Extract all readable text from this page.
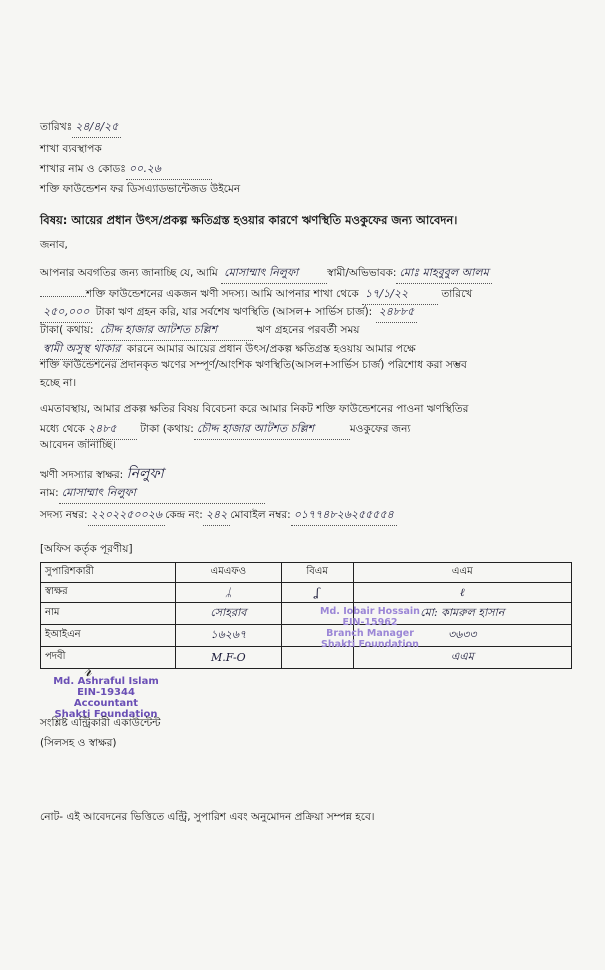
তারিখঃ ২৪/৪/২৫
শাখা ব্যবস্থাপক
শাখার নাম ও কোডঃ ০০.২৬
শক্তি ফাউন্ডেশন ফর ডিসএ্যাডভান্টেজড উইমেন
বিষয়: আয়ের প্রধান উৎস/প্রকল্প ক্ষতিগ্রস্ত হওয়ার কারণে ঋণস্থিতি মওকুফের জন্য আবেদন।
জনাব,
আপনার অবগতির জন্য জানাচ্ছি যে, আমি মোসাম্মাৎ নিলুফা	স্বামী/অভিভাবক: মোঃ মাহবুবুল আলম
শক্তি ফাউন্ডেশনের একজন ঋণী সদস্য। আমি আপনার শাখা থেকে ১৭/১/২২	তারিখে
২৫০,০০০ টাকা ঋণ গ্রহন করি, যার সর্বশেষ ঋণস্থিতি (আসল+ সার্ভিস চার্জ): ২৪৮৮৫
টাকা( কথায়: চৌদ্দ হাজার আটশত চল্লিশ	ঋণ গ্রহনের পরবর্তী সময়
স্বামী অসুস্থ থাকার কারনে আমার আয়ের প্রধান উৎস/প্রকল্প ক্ষতিগ্রস্ত হওয়ায় আমার পক্ষে
শক্তি ফাউন্ডেশনের প্রদানকৃত ঋণের সম্পূর্ণ/আংশিক ঋণস্থিতি(আসল+সার্ভিস চার্জ) পরিশোধ করা সম্ভব
হচ্ছে না।
এমতাবস্থায়, আমার প্রকল্প ক্ষতির বিষয় বিবেচনা করে আমার নিকট শক্তি ফাউন্ডেশনের পাওনা ঋণস্থিতির
মধ্যে থেকে ২৪৮৫ টাকা (কথায়: চৌদ্দ হাজার আটশত চল্লিশ	মওকুফের জন্য
আবেদন জানাচ্ছি।
ঋণী সদস্যার স্বাক্ষর: নিলুফা
নাম: মোসাম্মাৎ নিলুফা
সদস্য নম্বর: ২২০২২৫০০২৬ কেন্দ্র নং: ২৪২ মোবাইল নম্বর: ০১৭৭৪৮২৬২৫৫৫৫৪
[অফিস কর্তৃক পূরণীয়]
সুপারিশকারী	এমএফও	বিএম	এএম
স্বাক্ষর	ᛦ	ʆ	ℓ
নাম	সোহরাব		মো: কামরুল হাসান
ইআইএন	১৬২৬৭		৩৬৩৩
পদবী	M.F-O		এএম
Md. Iobair Hossain
EIN-15962
Branch Manager
Shakti Foundation
𝓇
Md. Ashraful Islam
EIN-19344
Accountant
Shakti Foundation
সংশ্লিষ্ট এন্ট্রিকারী একাউন্টেন্ট
(সিলসহ ও স্বাক্ষর)
নোট- এই আবেদনের ভিত্তিতে এন্ট্রি, সুপারিশ এবং অনুমোদন প্রক্রিয়া সম্পন্ন হবে।
